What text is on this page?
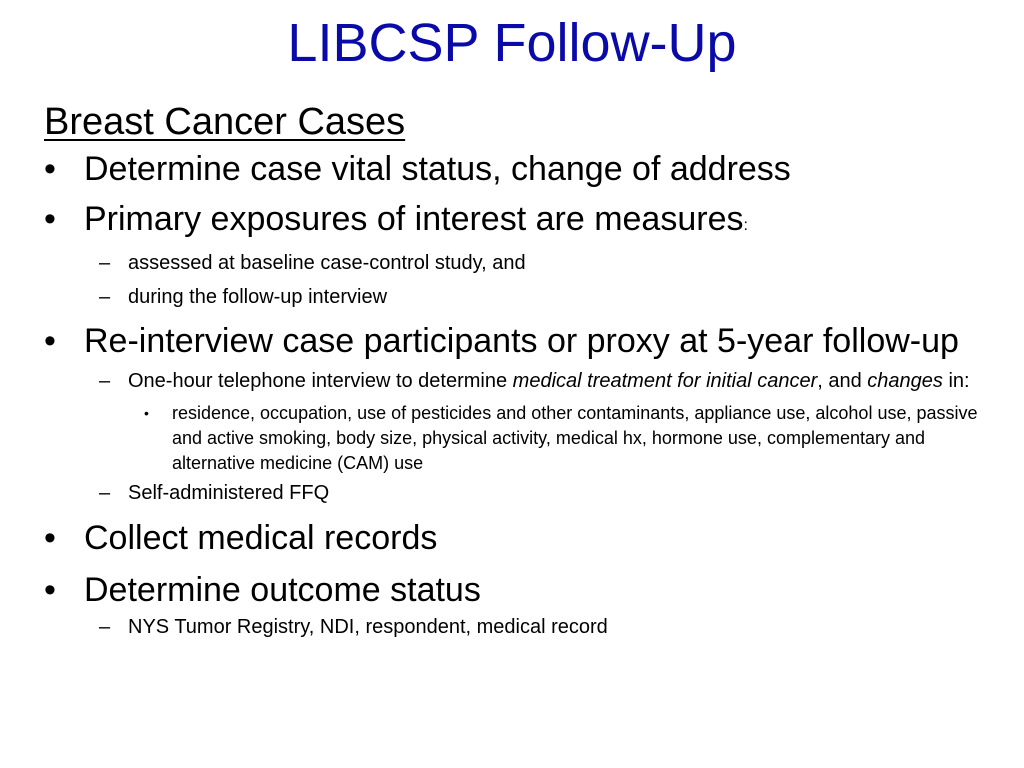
LIBCSP Follow-Up
Breast Cancer Cases
• Determine case vital status, change of address
• Primary exposures of interest are measures:
– assessed at baseline case-control study, and
– during the follow-up interview
• Re-interview case participants or proxy at 5-year follow-up
– One-hour telephone interview to determine medical treatment for initial cancer, and changes in:
• residence, occupation, use of pesticides and other contaminants, appliance use, alcohol use, passive and active smoking, body size, physical activity, medical hx, hormone use, complementary and alternative medicine (CAM) use
– Self-administered FFQ
• Collect medical records
• Determine outcome status
– NYS Tumor Registry, NDI, respondent, medical record
